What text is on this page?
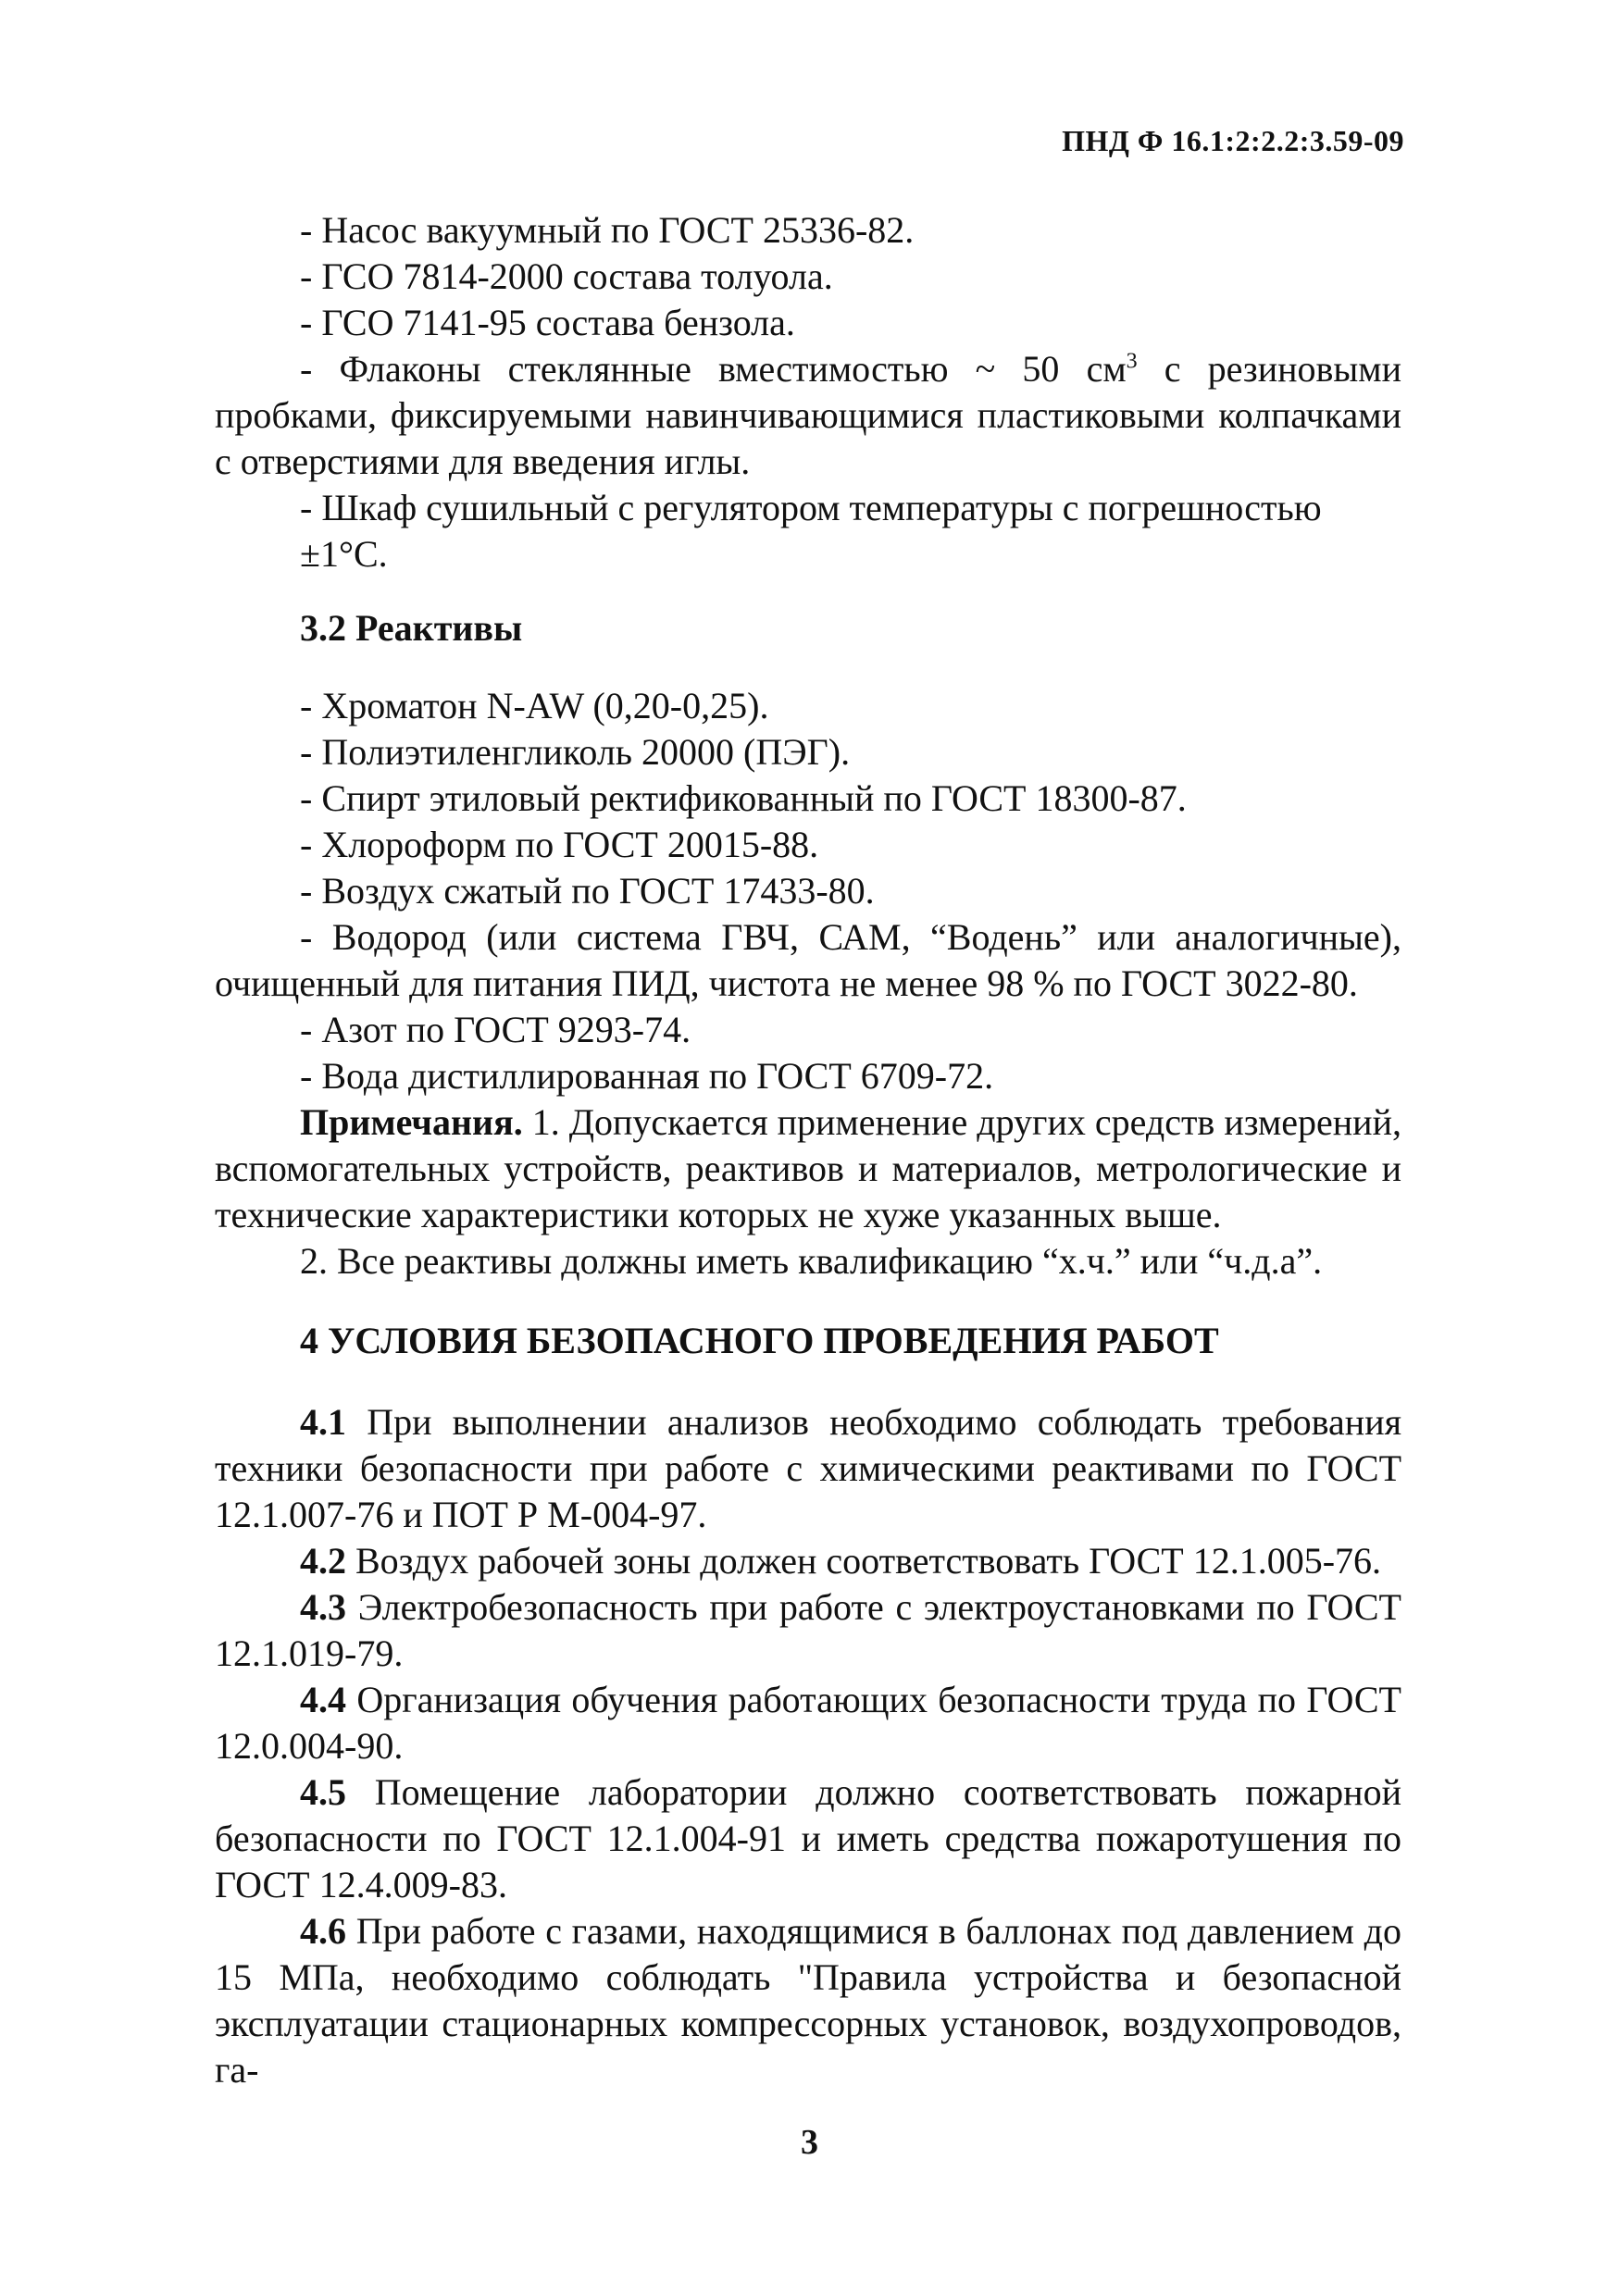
ПНД Ф 16.1:2:2.2:3.59-09

- Насос вакуумный по ГОСТ 25336-82.

- ГСО 7814-2000 состава толуола.

- ГСО 7141-95 состава бензола.

- Флаконы стеклянные вместимостью ~ 50 $см^3$ с резиновыми пробками, фиксируемыми навинчивающимися пластиковыми колпачками с отверстиями для введения иглы.

- Шкаф сушильный с регулятором температуры с погрешностью ±1°С.

3.2 Реактивы

- Хроматон N-AW (0,20-0,25).

- Полиэтиленгликоль 20000 (ПЭГ).

- Спирт этиловый ректификованный по ГОСТ 18300-87.

- Хлороформ по ГОСТ 20015-88.

- Воздух сжатый по ГОСТ 17433-80.

- Водород (или система ГВЧ, САМ, “Водень” или аналогичные), очищенный для питания ПИД, чистота не менее 98 % по ГОСТ 3022-80.

- Азот по ГОСТ 9293-74.

- Вода дистиллированная по ГОСТ 6709-72.

Примечания. 1. Допускается применение других средств измерений, вспомогательных устройств, реактивов и материалов, метрологические и технические характеристики которых не хуже указанных выше.

2. Все реактивы должны иметь квалификацию “х.ч.” или “ч.д.а”.

4 УСЛОВИЯ БЕЗОПАСНОГО ПРОВЕДЕНИЯ РАБОТ

4.1 При выполнении анализов необходимо соблюдать требования техники безопасности при работе с химическими реактивами по ГОСТ 12.1.007-76 и ПОТ Р М-004-97.

4.2 Воздух рабочей зоны должен соответствовать ГОСТ 12.1.005-76.

4.3 Электробезопасность при работе с электроустановками по ГОСТ 12.1.019-79.

4.4 Организация обучения работающих безопасности труда по ГОСТ 12.0.004-90.

4.5 Помещение лаборатории должно соответствовать пожарной безопасности по ГОСТ 12.1.004-91 и иметь средства пожаротушения по ГОСТ 12.4.009-83.

4.6 При работе с газами, находящимися в баллонах под давлением до 15 МПа, необходимо соблюдать "Правила устройства и безопасной эксплуатации стационарных компрессорных установок, воздухопроводов, га-

3
